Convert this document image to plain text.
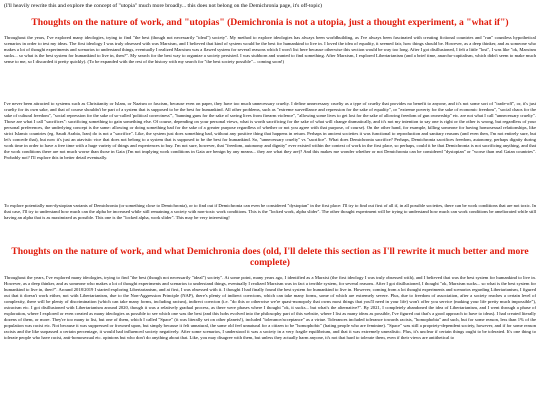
(I'll heavily rewrite this and explore the concept of "utopia" much more broadly... this does not belong on the Demichronia page, it's off-topic)

Thoughts on the nature of work, and "utopias" (Demichronia is not a utopia, just a thought experiment, a "what if")

Throughout the years, I've explored many ideologies, trying to find "the best (though not necessarily "ideal") society". My method to explore ideologies has always been worldbuilding, as I've always been fascinated with creating fictional countries and "run" countless hypothetical scenarios in order to test my ideas. The first ideology I was truly obsessed with was Marxism, and I believed that kind of system would be the best for humankind to live in. I loved the idea of equality, it seemed fair, how things should be. However, as a deep thinker, and as someone who makes a lot of thought experiments and scenarios to understand things, eventually I realized Marxism was a flawed system for several reasons which I won't list here because otherwise this section would be way too long. After I got disillusioned, I felt a little "lost", I was like "ok, Marxism sucks... so what is the best system for humankind to live in, then?". My search for the best way to organize a society persisted. I was stubborn and wanted to find something. After Marxism, I explored Libertarianism (and a brief time, anarcho-capitalism, which didn't seem to make much sense to me, so I discarded it pretty quickly). (To be expanded with the rest of the history with my search for "the best society possible"... coming soon!)

I've never been attracted to systems such as Christianity or Islam, or Nazism or fascism, because even on paper, they have too much unnecessary cruelty. I define unnecessary cruelty as a type of cruelty that provides no benefit to anyone, and it's not some sort of "trade-off", or, it's just cruelty for its own sake, and that of course shouldn't be part of a system that is supposed to be the best for humankind. All other problems, such as "extreme surveillance and repression for the sake of equality", or "extreme poverty for the sake of economic freedom", "social chaos for the sake of cultural freedom", "social repression for the sake of so-called 'political correctness'", "banning guns for the sake of saving lives from firearm violence", "allowing some lives to get lost for the sake of allowing freedom of gun ownership" etc. are not what I call "unnecessary cruelty". Those are what I call "sacrifices": sacrificing something to gain something else. Of course, depending on your personal views, what is worth sacrificing for the sake of what will change dramatically, and it's not my intention to say one is right or the other is wrong, but regardless of your personal preferences, the underlying concept is the same: allowing or doing something bad for the sake of a greater purpose regardless of whether or not you agree with that purpose, of course). On the other hand, for example, killing someone for having homosexual relationships, like strict Islamic countries (eg. Saudi Arabia, Iran) do is not a "sacrifice". Like, the system just does something bad, without any positive thing that happens in return. Perhaps in ancient societies it was functional to reproduction and sanitary reasons (and even then, I'm not entirely sure, but let's concede that), but now it's just an atavistic vice that does not belong to a system that is supposed to be the best for humankind. So, "unnecessary cruelty" vs "sacrifice". What does Demichronia sacrifice? Perhaps, Demichronia sacrifices freedom, autonomy, perhaps dignity during work time in order to have a free time with a huge variety of things and experiences to buy. I'm not sure, however, that "freedom, autonomy and dignity" ever existed within the context of work in the first place, so perhaps, could it be that Demichronia is not sacrificing anything, and that the work conditions there are not much worse than those in Gaia (I'm not implying work conditions in Gaia are benign by any means... they are what they are)? And this makes me wonder whether or not Demichronia can be considered "dystopian" or "worse than real Gaian countries". Probably not? I'll explore this in better detail eventually.

To explore potentially non-dystopian variants of Demichronia (or something close to Demichronia), or to find out if Demichronia can even be considered "dystopian" in the first place: I'll try to find out first of all if, in all possible societies, there can be work conditions that are not toxic. In that case, I'll try to understand how much can the alpha be increased while still remaining a society with non-toxic work conditions. This is the "locked work, alpha slider". The other thought experiment will be trying to understand how much can work conditions be ameliorated while still having an alpha that is as maximized as possible. This one is the "locked alpha, work slider". This may be very interesting!

Thoughts on the nature of work, and what Demichronia does (old, I'll delete this section as I'll rewrite it much better and more complete)

Throughout the years, I've explored many ideologies, trying to find "the best (though not necessarily "ideal") society". At some point, many years ago, I identified as a Marxist (the first ideology I was truly obsessed with), and I believed that was the best system for humankind to live in. However, as a deep thinker, and as someone who makes a lot of thought experiments and scenarios to understand things, eventually I realized Marxism was in fact a terrible system, for several reasons. After I got disillusioned, I thought "ok, Marxism sucks... so what is the best system for humankind to live in, then?". Around 2018/2019 I started exploring Libertarianism, and at first, I was obsessed with it. I thought I had finally found the best system for humankind to live in. However, coming from a lot thought experiments and scenarios regarding Libertarianism, I figured out that it doesn't work either, not with Libertarianism, due to the Non-Aggression Principle (NAP), there's plenty of indirect coercions, which can take many forms, some of which are extremely severe. Plus, due to freedom of association, after a society reaches a certain level of complexity, there will be plenty of discrimination (which can take many forms, including racism), indirect coercion (i.e. "do this or otherwise we're quasi-monopoly that owns most things that you'll need in your life) won't offer you service (making your life pretty much impossible"), ostracism etc. I got disillusioned with Libertarianism around 2020, though it was a relatively gradual process, as there were phases where I thought "ok, it sucks... but what's the alternative?". By 2021, I completely abandoned the idea of Libertarianism, and I went through a phase of exploration, where I explored or even created as many ideologies as possible to see which one was the best (and this hobs evolved into the philosophy part of this website, where I list as many ideas as possible, I've figured out that's a good approach to have to ideas). I had created literally dozens of them, or more. They're too many to list, but one of them, which I called "Space" (it was literally set on other planets!), included "tolerance/acceptance" as a virtue. Tolerances included tolerance towards racists, "homophobia" and such, but for some reason, less than 1% of the population was racist etc. Not because it was suppressed or frowned upon, but simply because it felt unnatural, the same old feel unnatural for a citizen to be "homophobic" (hating people who are feminine). "Space" was still a propriety-dependent society, however, and if for some reason racists and the like surpassed a certain percentage, it would had influenced society negatively. After some scenarios, I understood it was a society in a very fragile equilibrium, and that it was extremely unrealistic. Plus, it's unclear if certain things ought to be tolerated. It's one thing to tolerate people who have racist, anti-homosexual etc. opinions but who don't do anything about that. Like, you may disagree with them, but unless they actually harm anyone, it's not that hard to tolerate them, even if their views are antithetical to
